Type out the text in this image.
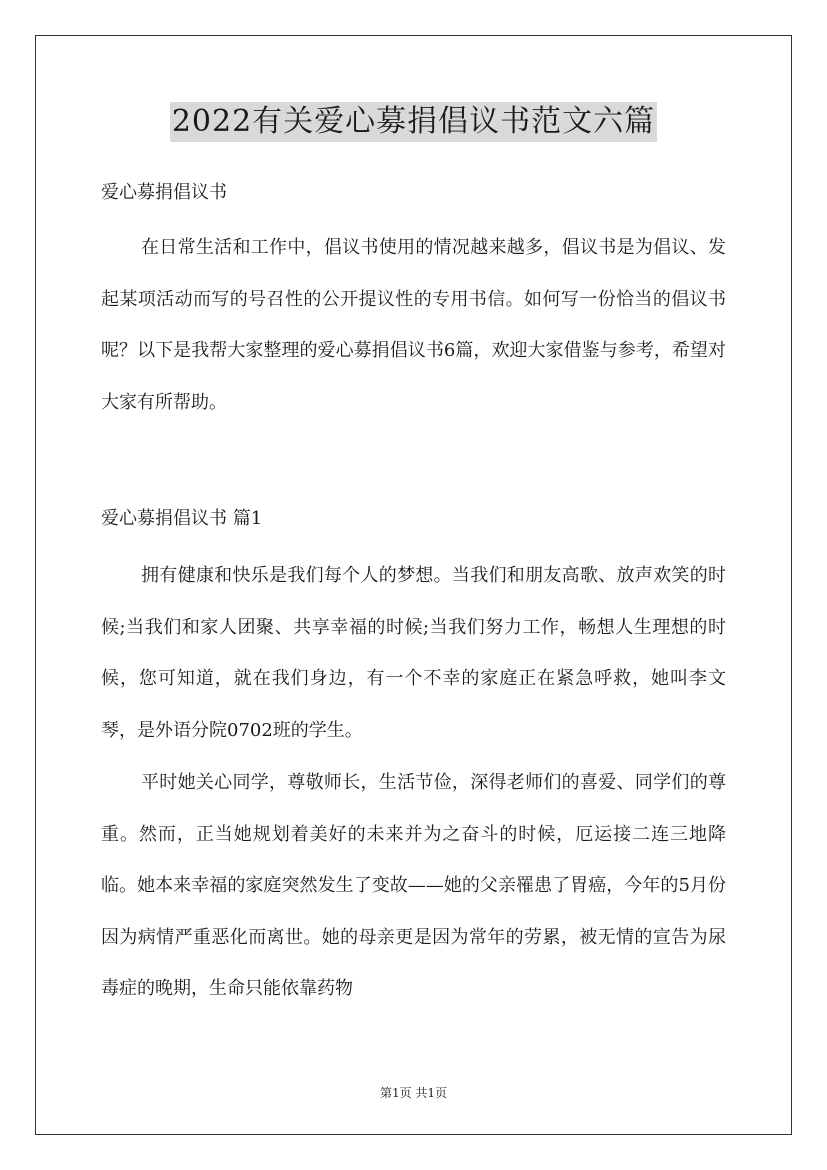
2022有关爱心募捐倡议书范文六篇
爱心募捐倡议书
在日常生活和工作中，倡议书使用的情况越来越多，倡议书是为倡议、发起某项活动而写的号召性的公开提议性的专用书信。如何写一份恰当的倡议书呢？以下是我帮大家整理的爱心募捐倡议书6篇，欢迎大家借鉴与参考，希望对大家有所帮助。
爱心募捐倡议书 篇1
拥有健康和快乐是我们每个人的梦想。当我们和朋友高歌、放声欢笑的时候;当我们和家人团聚、共享幸福的时候;当我们努力工作，畅想人生理想的时候，您可知道，就在我们身边，有一个不幸的家庭正在紧急呼救，她叫李文琴，是外语分院0702班的学生。
平时她关心同学，尊敬师长，生活节俭，深得老师们的喜爱、同学们的尊重。然而，正当她规划着美好的未来并为之奋斗的时候，厄运接二连三地降临。她本来幸福的家庭突然发生了变故——她的父亲罹患了胃癌，今年的5月份因为病情严重恶化而离世。她的母亲更是因为常年的劳累，被无情的宣告为尿毒症的晚期，生命只能依靠药物
第1页 共1页
